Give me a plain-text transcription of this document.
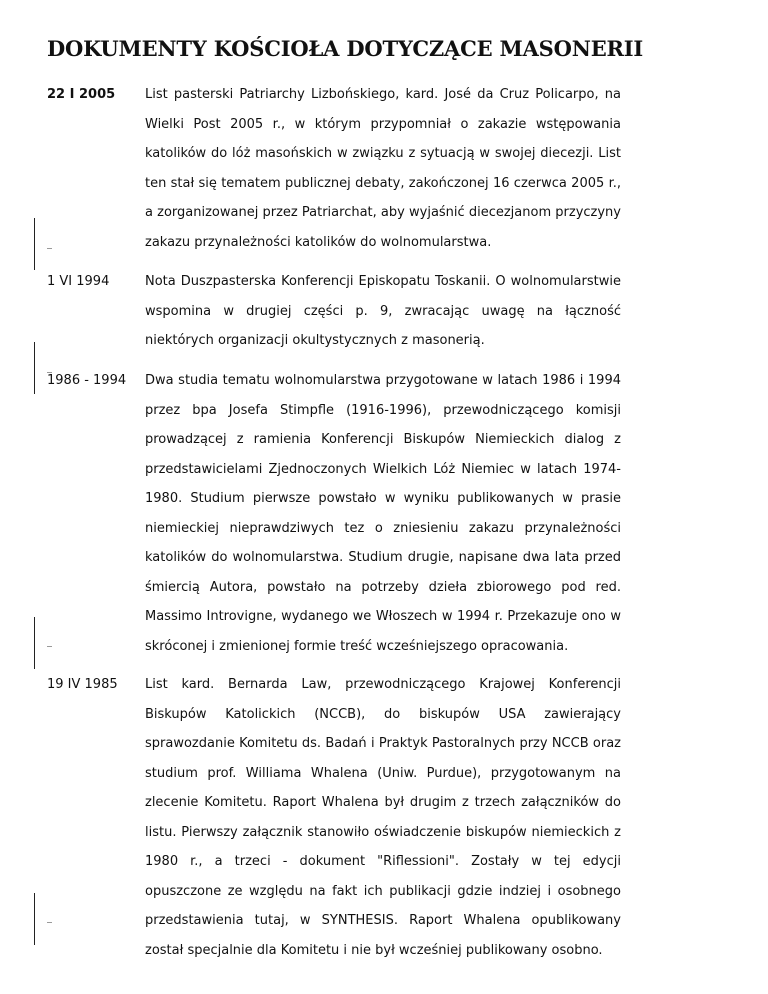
DOKUMENTY KOŚCIOŁA DOTYCZĄCE MASONERII
22 I 2005 List pasterski Patriarchy Lizbońskiego, kard. José da Cruz Policarpo, na Wielki Post 2005 r., w którym przypomniał o zakazie wstępowania katolików do lóż masońskich w związku z sytuacją w swojej diecezji. List ten stał się tematem publicznej debaty, zakończonej 16 czerwca 2005 r., a zorganizowanej przez Patriarchat, aby wyjaśnić diecezjanom przyczyny zakazu przynależności katolików do wolnomularstwa.

1 VI 1994	Nota Duszpasterska Konferencji Episkopatu Toskanii. O wolnomularstwie wspomina w drugiej części p. 9, zwracając uwagę na łączność niektórych organizacji okultystycznych z masonerią.

1986 - 1994 Dwa studia tematu wolnomularstwa przygotowane w latach 1986 i 1994 przez bpa Josefa Stimpfle (1916-1996), przewodniczącego komisji prowadzącej z ramienia Konferencji Biskupów Niemieckich dialog z przedstawicielami Zjednoczonych Wielkich Lóż Niemiec w latach 1974-1980. Studium pierwsze powstało w wyniku publikowanych w prasie niemieckiej nieprawdziwych tez o zniesieniu zakazu przynależności katolików do wolnomularstwa. Studium drugie, napisane dwa lata przed śmiercią Autora, powstało na potrzeby dzieła zbiorowego pod red. Massimo Introvigne, wydanego we Włoszech w 1994 r. Przekazuje ono w skróconej i zmienionej formie treść wcześniejszego opracowania.

19 IV 1985 List kard. Bernarda Law, przewodniczącego Krajowej Konferencji Biskupów Katolickich (NCCB), do biskupów USA zawierający sprawozdanie Komitetu ds. Badań i Praktyk Pastoralnych przy NCCB oraz studium prof. Williama Whalena (Uniw. Purdue), przygotowanym na zlecenie Komitetu. Raport Whalena był drugim z trzech załączników do listu. Pierwszy załącznik stanowiło oświadczenie biskupów niemieckich z 1980 r., a trzeci - dokument "Riflessioni". Zostały w tej edycji opuszczone ze względu na fakt ich publikacji gdzie indziej i osobnego przedstawienia tutaj, w SYNTHESIS. Raport Whalena opublikowany został specjalnie dla Komitetu i nie był wcześniej publikowany osobno.
